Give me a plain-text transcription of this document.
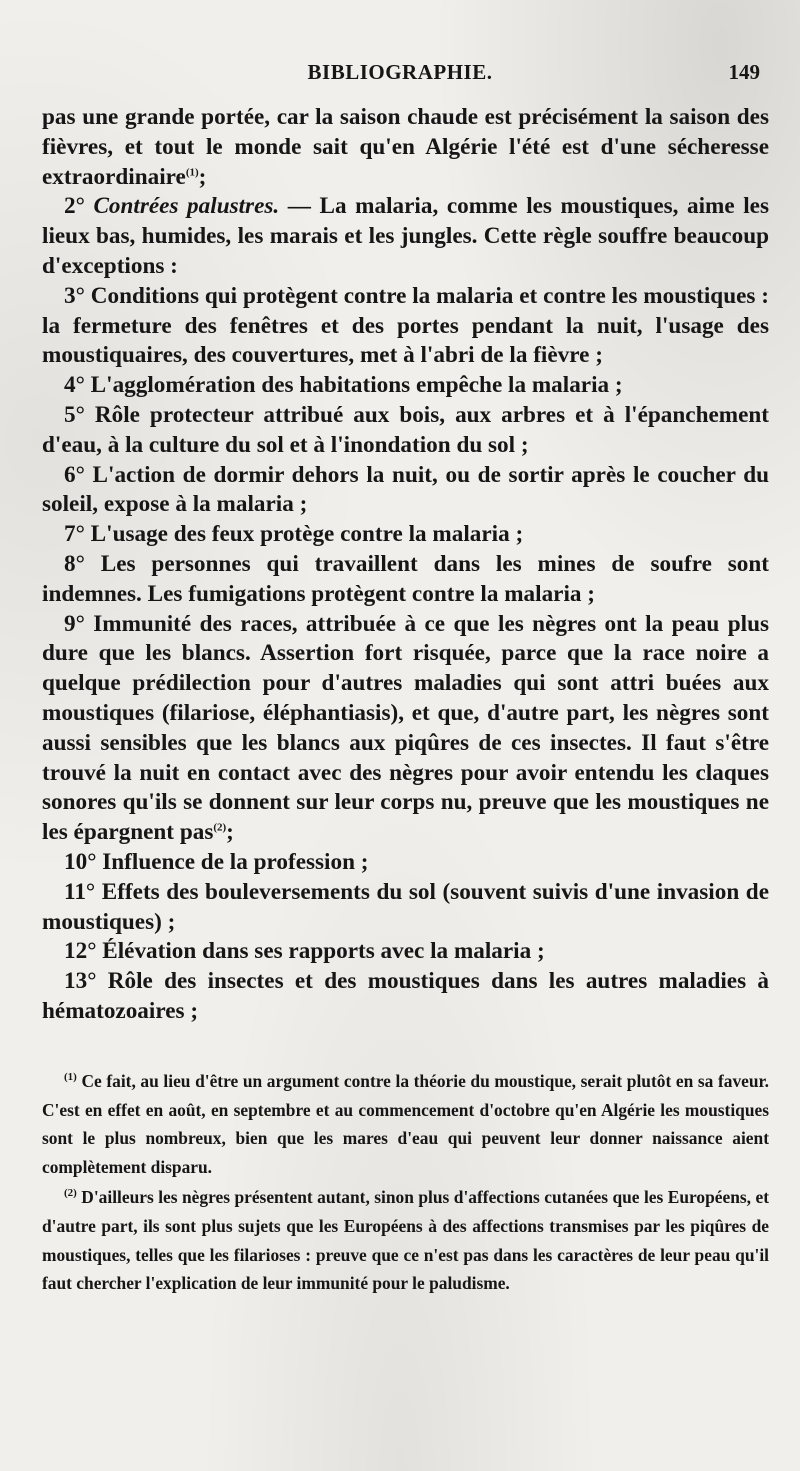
BIBLIOGRAPHIE.	149

pas une grande portée, car la saison chaude est précisément la saison des fièvres, et tout le monde sait qu'en Algérie l'été est d'une sécheresse extraordinaire$^{(1)}$;

2° Contrées palustres. — La malaria, comme les moustiques, aime les lieux bas, humides, les marais et les jungles. Cette règle souffre beaucoup d'exceptions :

3° Conditions qui protègent contre la malaria et contre les moustiques : la fermeture des fenêtres et des portes pendant la nuit, l'usage des moustiquaires, des couvertures, met à l'abri de la fièvre ;

4° L'agglomération des habitations empêche la malaria ;

5° Rôle protecteur attribué aux bois, aux arbres et à l'épanchement d'eau, à la culture du sol et à l'inondation du sol ;

6° L'action de dormir dehors la nuit, ou de sortir après le coucher du soleil, expose à la malaria ;

7° L'usage des feux protège contre la malaria ;

8° Les personnes qui travaillent dans les mines de soufre sont indemnes. Les fumigations protègent contre la malaria ;

9° Immunité des races, attribuée à ce que les nègres ont la peau plus dure que les blancs. Assertion fort risquée, parce que la race noire a quelque prédilection pour d'autres maladies qui sont attri buées aux moustiques (filariose, éléphantiasis), et que, d'autre part, les nègres sont aussi sensibles que les blancs aux piqûres de ces insectes. Il faut s'être trouvé la nuit en contact avec des nègres pour avoir entendu les claques sonores qu'ils se donnent sur leur corps nu, preuve que les moustiques ne les épargnent pas$^{(2)}$;

10° Influence de la profession ;

11° Effets des bouleversements du sol (souvent suivis d'une invasion de moustiques) ;

12° Élévation dans ses rapports avec la malaria ;

13° Rôle des insectes et des moustiques dans les autres maladies à hématozoaires ;

$^{(1)}$ Ce fait, au lieu d'être un argument contre la théorie du moustique, serait plutôt en sa faveur. C'est en effet en août, en septembre et au commencement d'octobre qu'en Algérie les moustiques sont le plus nombreux, bien que les mares d'eau qui peuvent leur donner naissance aient complètement disparu.

$^{(2)}$ D'ailleurs les nègres présentent autant, sinon plus d'affections cutanées que les Européens, et d'autre part, ils sont plus sujets que les Européens à des affections transmises par les piqûres de moustiques, telles que les filarioses : preuve que ce n'est pas dans les caractères de leur peau qu'il faut chercher l'explication de leur immunité pour le paludisme.
